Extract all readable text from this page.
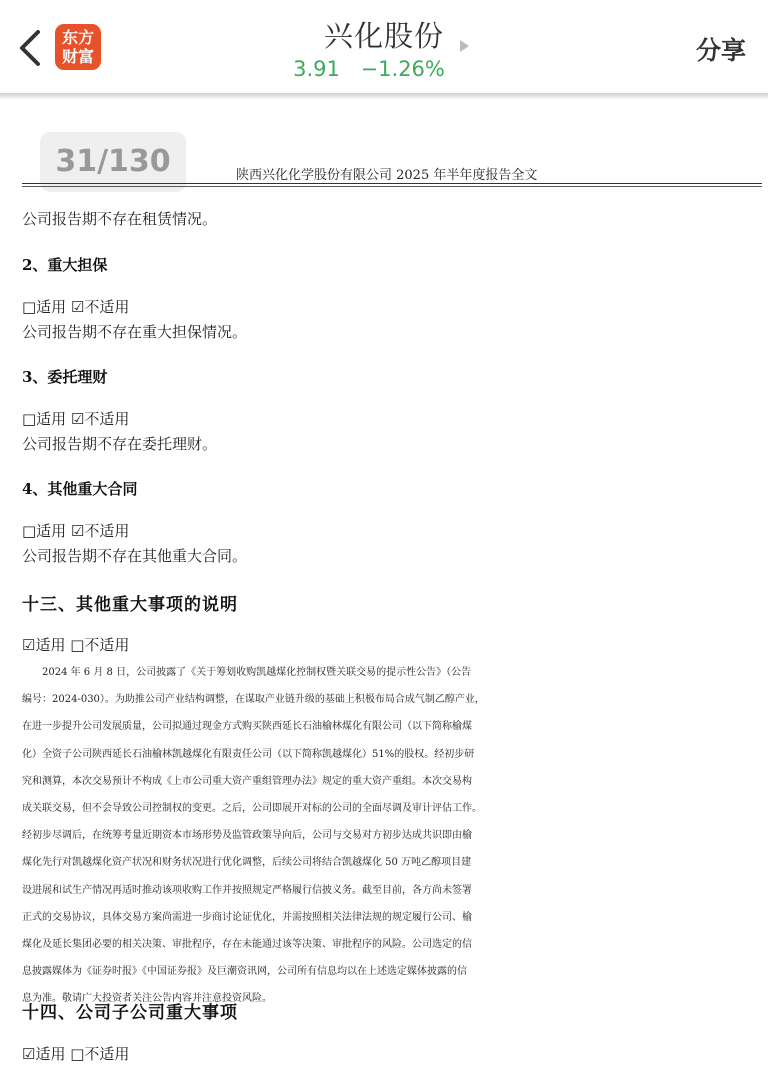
东方
财富
兴化股份
3.91 −1.26%
分享
31/130	陕西兴化化学股份有限公司 2025 年半年度报告全文
公司报告期不存在租赁情况。
2、重大担保
□适用 ☑不适用
公司报告期不存在重大担保情况。
3、委托理财
□适用 ☑不适用
公司报告期不存在委托理财。
4、其他重大合同
□适用 ☑不适用
公司报告期不存在其他重大合同。
十三、其他重大事项的说明
☑适用 □不适用
　　2024 年 6 月 8 日，公司披露了《关于筹划收购凯越煤化控制权暨关联交易的提示性公告》（公告
编号：2024-030）。为助推公司产业结构调整，在谋取产业链升级的基础上积极布局合成气制乙醇产业，
在进一步提升公司发展质量，公司拟通过现金方式购买陕西延长石油榆林煤化有限公司（以下简称榆煤
化）全资子公司陕西延长石油榆林凯越煤化有限责任公司（以下简称凯越煤化）51%的股权。经初步研
究和测算，本次交易预计不构成《上市公司重大资产重组管理办法》规定的重大资产重组。本次交易构
成关联交易，但不会导致公司控制权的变更。之后，公司即展开对标的公司的全面尽调及审计评估工作。
经初步尽调后，在统筹考量近期资本市场形势及监管政策导向后，公司与交易对方初步达成共识即由榆
煤化先行对凯越煤化资产状况和财务状况进行优化调整，后续公司将结合凯越煤化 50 万吨乙醇项目建
设进展和试生产情况再适时推动该项收购工作并按照规定严格履行信披义务。截至目前，各方尚未签署
正式的交易协议，具体交易方案尚需进一步商讨论证优化，并需按照相关法律法规的规定履行公司、榆
煤化及延长集团必要的相关决策、审批程序，存在未能通过该等决策、审批程序的风险。公司选定的信
息披露媒体为《证券时报》《中国证券报》及巨潮资讯网，公司所有信息均以在上述选定媒体披露的信
息为准。敬请广大投资者关注公告内容并注意投资风险。
十四、公司子公司重大事项
☑适用 □不适用
